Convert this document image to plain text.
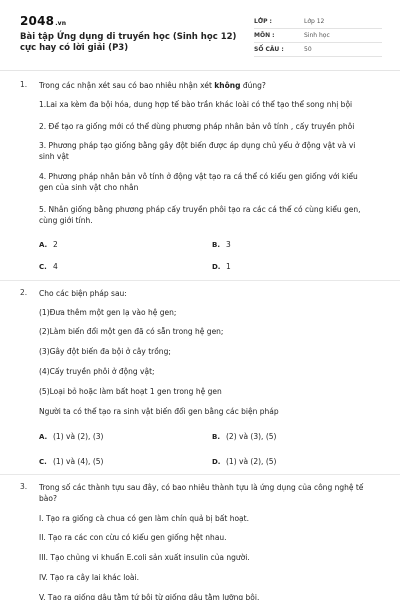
2048.vn
Bài tập Ứng dụng di truyền học (Sinh học 12) cực hay có lời giải (P3)
LỚP :	Lớp 12
MÔN :	Sinh học
SỐ CÂU :	50
1. Trong các nhận xét sau có bao nhiêu nhận xét không đúng?
1.Lai xa kèm đa bội hóa, dung hợp tế bào trần khác loài có thể tạo thể song nhị bội
2. Để tạo ra giống mới có thể dùng phương pháp nhân bản vô tính , cấy truyền phôi
3. Phương pháp tạo giống bằng gây đột biến được áp dụng chủ yếu ở động vật và vi sinh vật
4. Phương pháp nhân bản vô tính ở động vật tạo ra cá thể có kiểu gen giống với kiểu gen của sinh vật cho nhân
5. Nhân giống bằng phương pháp cấy truyền phôi tạo ra các cá thể có cùng kiểu gen, cùng giới tính.
A. 2	B. 3
C. 4	D. 1
2. Cho các biện pháp sau:
(1)Đưa thêm một gen lạ vào hệ gen;
(2)Làm biến đổi một gen đã có sẵn trong hệ gen;
(3)Gây đột biến đa bội ở cây trồng;
(4)Cấy truyền phôi ở động vật;
(5)Loại bỏ hoặc làm bất hoạt 1 gen trong hệ gen
Người ta có thể tạo ra sinh vật biến đổi gen bằng các biện pháp
A. (1) và (2), (3)	B. (2) và (3), (5)
C. (1) và (4), (5)	D. (1) và (2), (5)
3. Trong số các thành tựu sau đây, có bao nhiêu thành tựu là ứng dụng của công nghệ tế bào?
I. Tạo ra giống cà chua có gen làm chín quả bị bất hoạt.
II. Tạo ra các con cừu có kiểu gen giống hệt nhau.
III. Tạo chủng vi khuẩn E.coli sản xuất insulin của người.
IV. Tạo ra cây lai khác loài.
V. Tạo ra giống dâu tằm tứ bội từ giống dâu tằm lưỡng bội.
